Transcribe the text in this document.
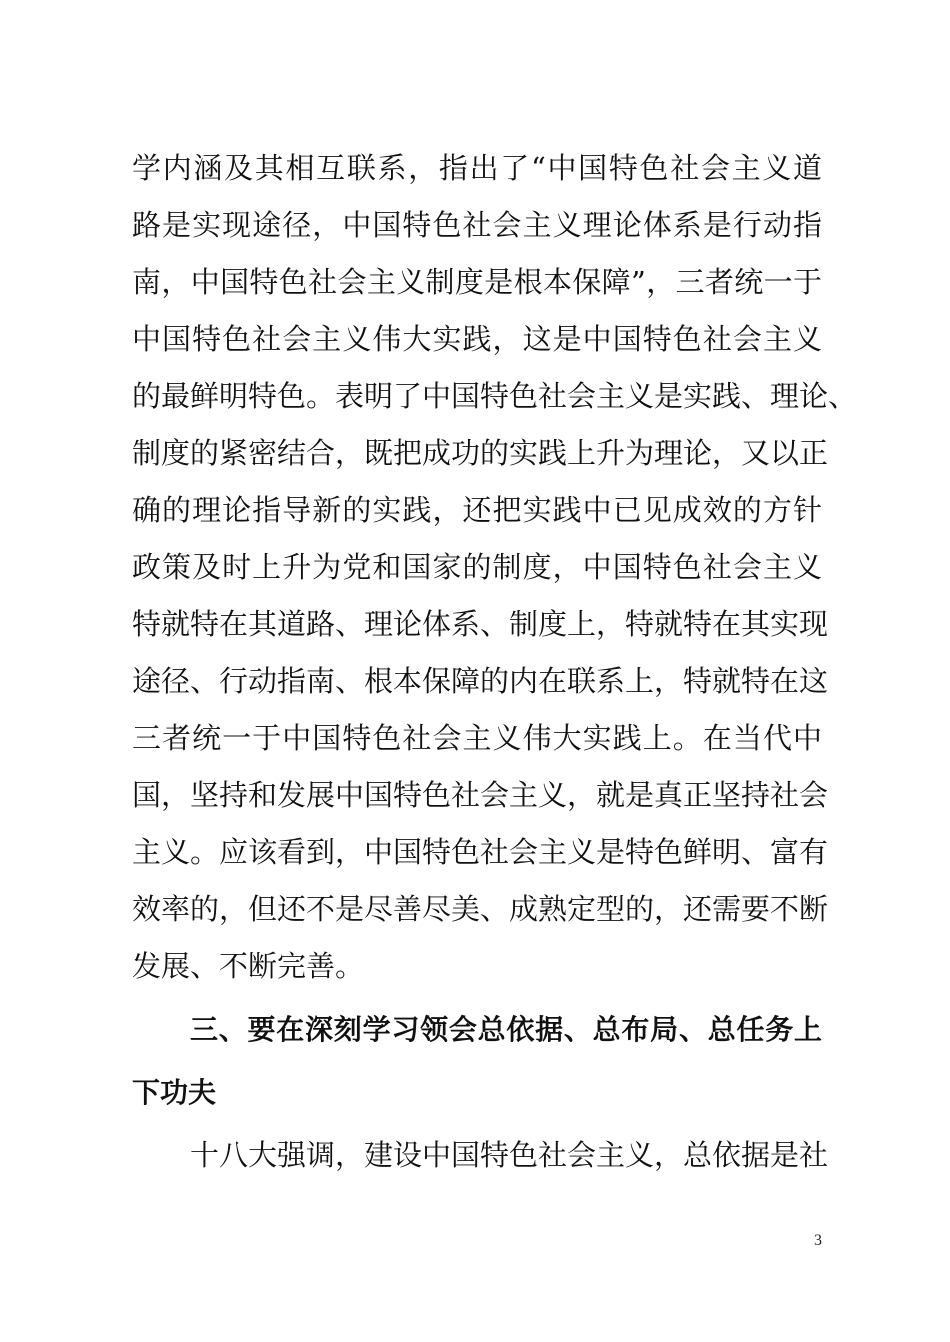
学内涵及其相互联系，指出了“中国特色社会主义道
路是实现途径，中国特色社会主义理论体系是行动指
南，中国特色社会主义制度是根本保障”，三者统一于
中国特色社会主义伟大实践，这是中国特色社会主义
的最鲜明特色。表明了中国特色社会主义是实践、理论、
制度的紧密结合，既把成功的实践上升为理论，又以正
确的理论指导新的实践，还把实践中已见成效的方针
政策及时上升为党和国家的制度，中国特色社会主义
特就特在其道路、理论体系、制度上，特就特在其实现
途径、行动指南、根本保障的内在联系上，特就特在这
三者统一于中国特色社会主义伟大实践上。在当代中
国，坚持和发展中国特色社会主义，就是真正坚持社会
主义。应该看到，中国特色社会主义是特色鲜明、富有
效率的，但还不是尽善尽美、成熟定型的，还需要不断
发展、不断完善。
三、要在深刻学习领会总依据、总布局、总任务上
下功夫
十八大强调，建设中国特色社会主义，总依据是社
3
